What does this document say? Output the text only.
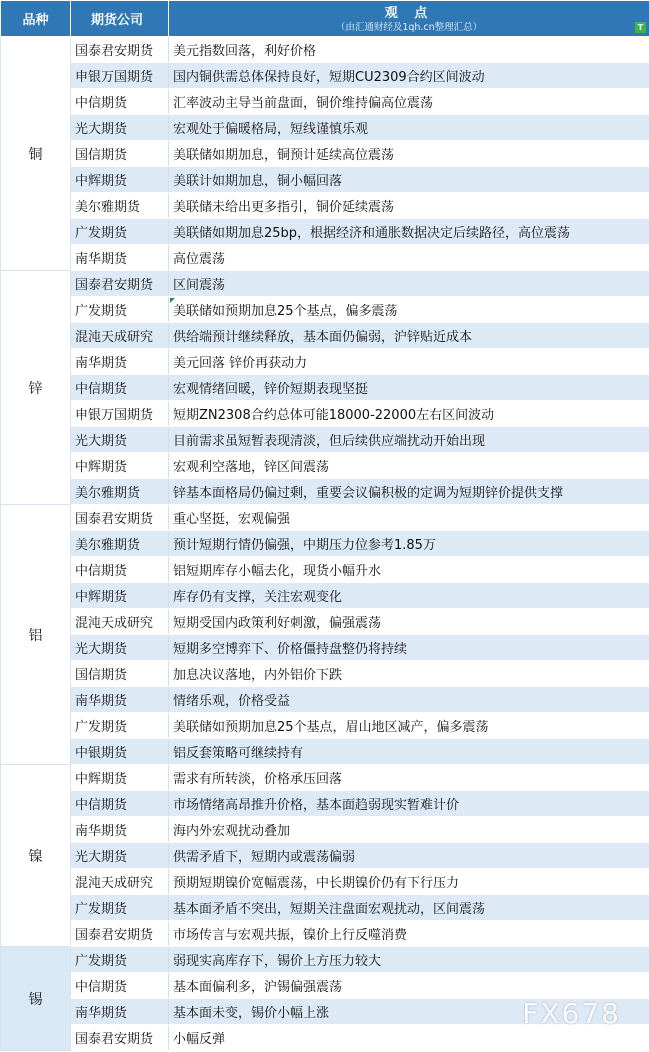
品种	期货公司	观 点
（由汇通财经及1qh.cn整理汇总） T

铜	国泰君安期货	美元指数回落，利好价格
	申银万国期货	国内铜供需总体保持良好，短期CU2309合约区间波动
	中信期货	汇率波动主导当前盘面，铜价维持偏高位震荡
	光大期货	宏观处于偏暖格局，短线谨慎乐观
	国信期货	美联储如期加息，铜预计延续高位震荡
	中辉期货	美联计如期加息，铜小幅回落
	美尔雅期货	美联储未给出更多指引，铜价延续震荡
	广发期货	美联储如期加息25bp，根据经济和通胀数据决定后续路径，高位震荡
	南华期货	高位震荡
锌	国泰君安期货	区间震荡
	广发期货	美联储如预期加息25个基点，偏多震荡
	混沌天成研究	供给端预计继续释放，基本面仍偏弱，沪锌贴近成本
	南华期货	美元回落 锌价再获动力
	中信期货	宏观情绪回暖，锌价短期表现坚挺
	申银万国期货	短期ZN2308合约总体可能18000-22000左右区间波动
	光大期货	目前需求虽短暂表现清淡，但后续供应端扰动开始出现
	中辉期货	宏观利空落地，锌区间震荡
	美尔雅期货	锌基本面格局仍偏过剩，重要会议偏积极的定调为短期锌价提供支撑
铝	国泰君安期货	重心坚挺，宏观偏强
	美尔雅期货	预计短期行情仍偏强，中期压力位参考1.85万
	中信期货	铝短期库存小幅去化，现货小幅升水
	中辉期货	库存仍有支撑，关注宏观变化
	混沌天成研究	短期受国内政策利好刺激，偏强震荡
	光大期货	短期多空博弈下、价格僵持盘整仍将持续
	国信期货	加息决议落地，内外铝价下跌
	南华期货	情绪乐观，价格受益
	广发期货	美联储如预期加息25个基点，眉山地区减产，偏多震荡
	中银期货	铝反套策略可继续持有
镍	中辉期货	需求有所转淡，价格承压回落
	中信期货	市场情绪高昂推升价格，基本面趋弱现实暂难计价
	南华期货	海内外宏观扰动叠加
	光大期货	供需矛盾下，短期内或震荡偏弱
	混沌天成研究	预期短期镍价宽幅震荡，中长期镍价仍有下行压力
	广发期货	基本面矛盾不突出，短期关注盘面宏观扰动，区间震荡
	国泰君安期货	市场传言与宏观共振，镍价上行反噬消费
锡	广发期货	弱现实高库存下，锡价上方压力较大
	中信期货	基本面偏利多，沪锡偏强震荡
	南华期货	基本面未变，锡价小幅上涨
	国泰君安期货	小幅反弹
FX678
